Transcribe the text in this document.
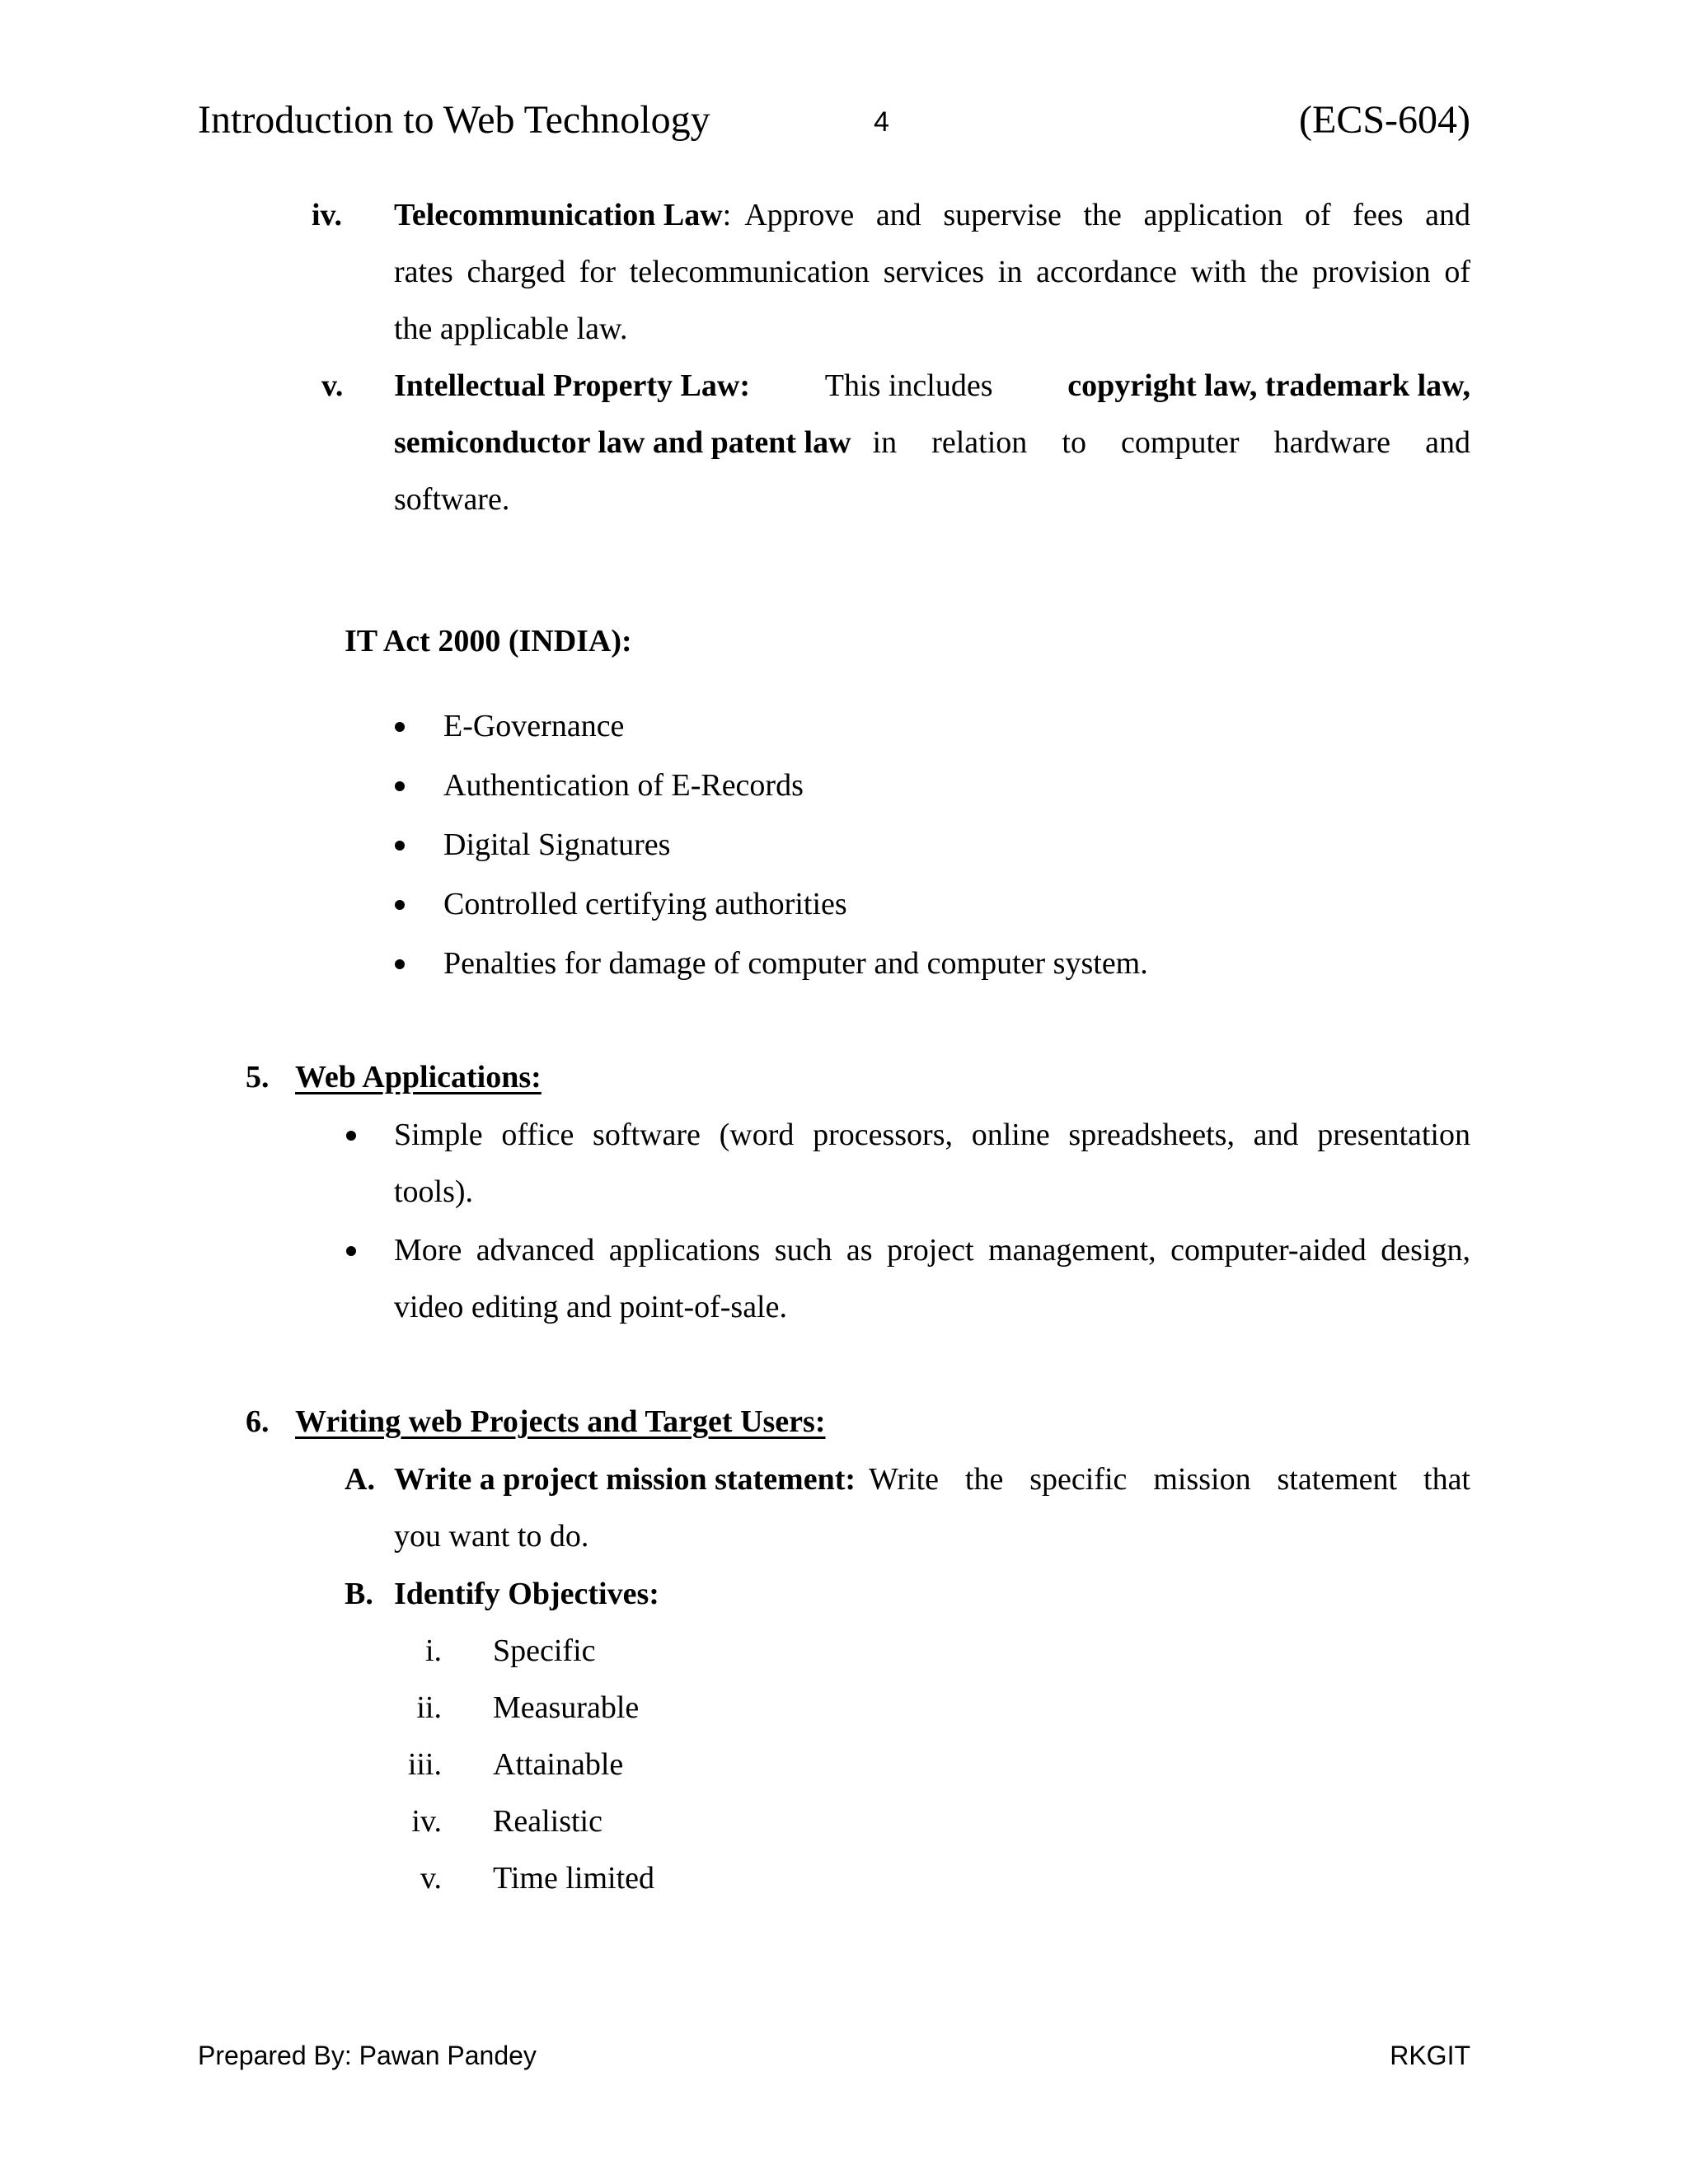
Introduction to Web Technology	4	(ECS-604)
iv. Telecommunication Law: Approve and supervise the application of fees and
rates charged for telecommunication services in accordance with the provision of
the applicable law.
v. Intellectual Property Law: This includes copyright law, trademark law,
semiconductor law and patent law in relation to computer hardware and
software.
IT Act 2000 (INDIA):
E-Governance
Authentication of E-Records
Digital Signatures
Controlled certifying authorities
Penalties for damage of computer and computer system.
5. Web Applications:
Simple office software (word processors, online spreadsheets, and presentation
tools).
More advanced applications such as project management, computer-aided design,
video editing and point-of-sale.
6. Writing web Projects and Target Users:
A. Write a project mission statement: Write the specific mission statement that
you want to do.
B. Identify Objectives:
i. Specific
ii. Measurable
iii. Attainable
iv. Realistic
v. Time limited
Prepared By: Pawan Pandey	RKGIT
